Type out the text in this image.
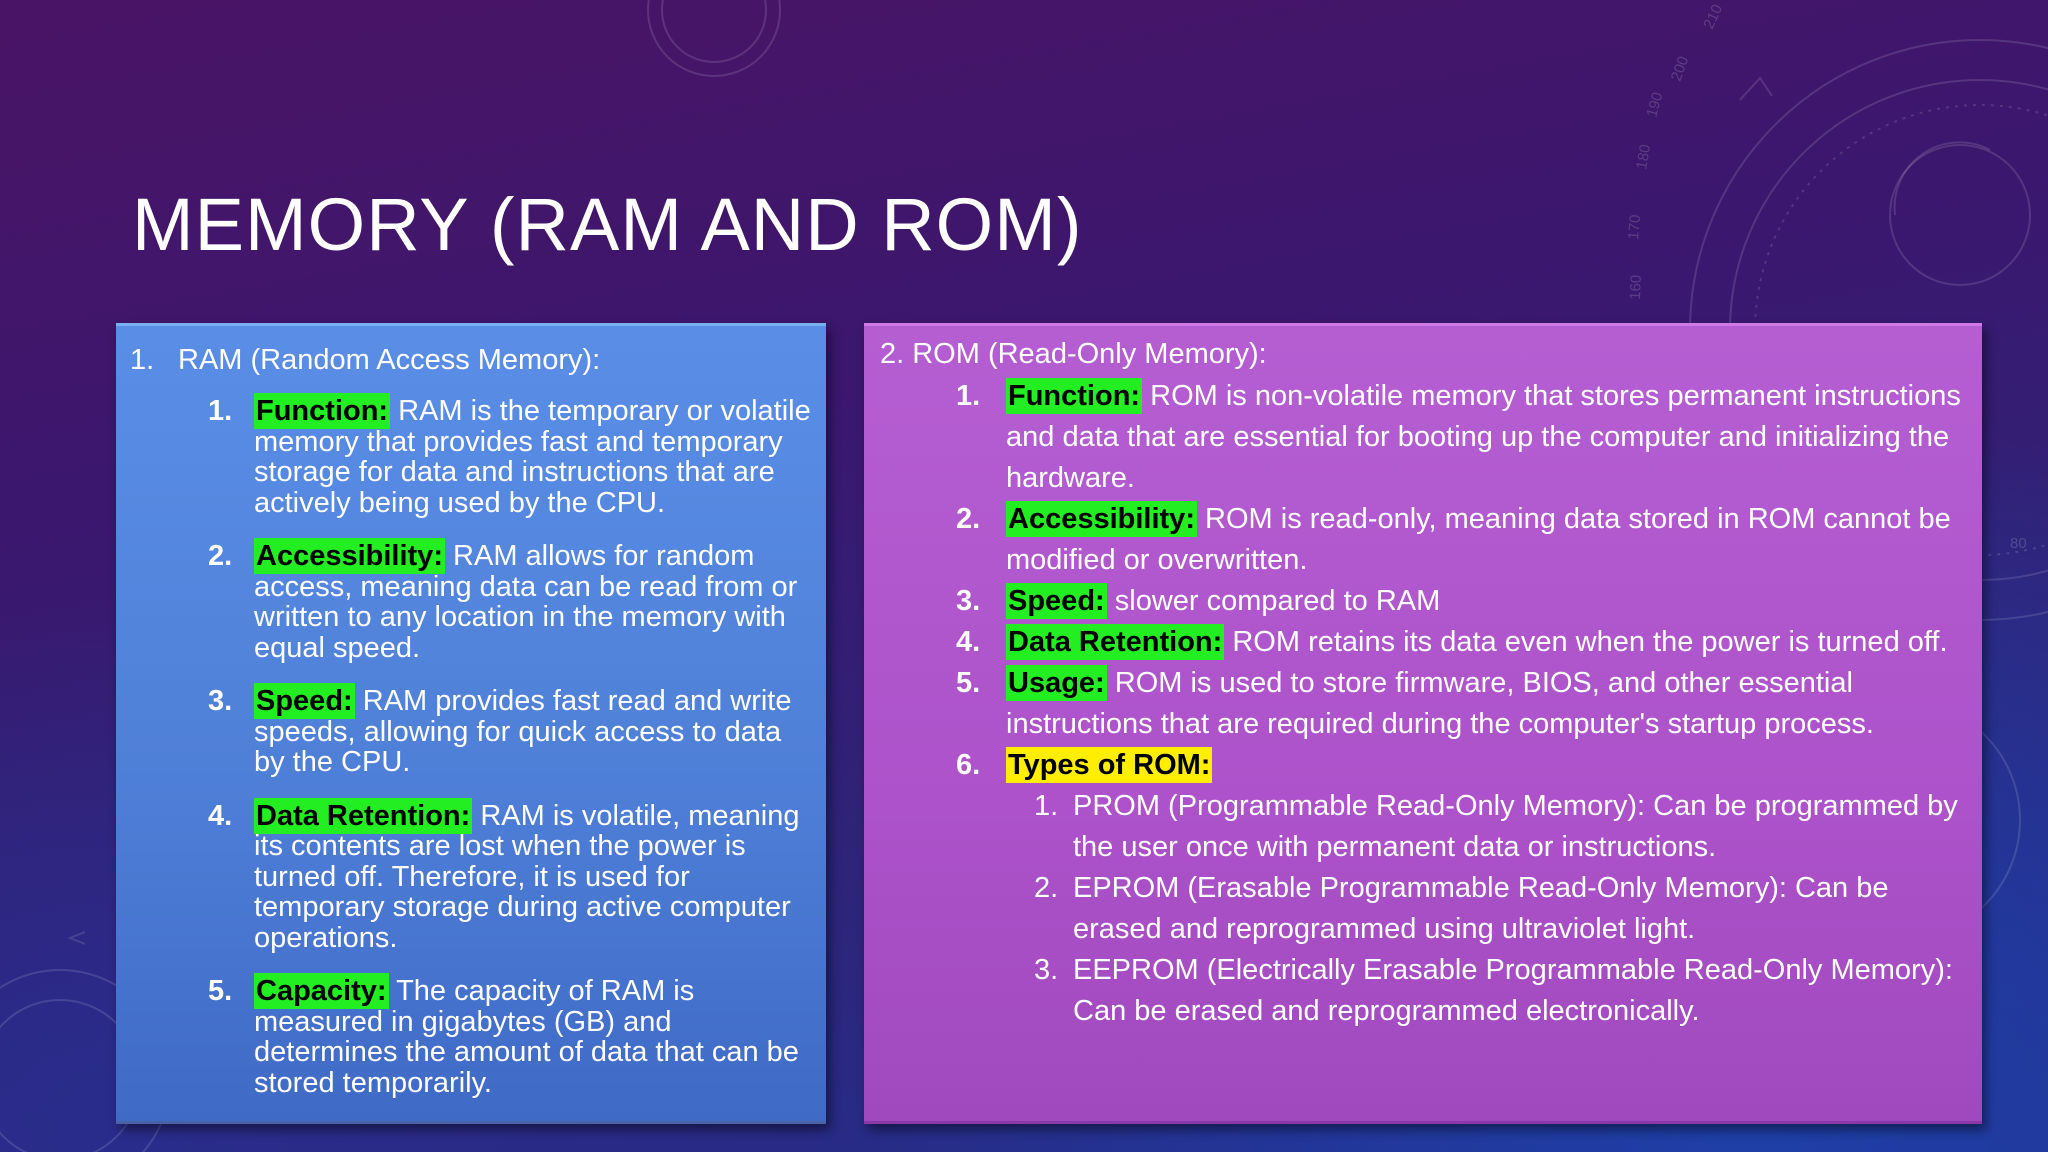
210
200
190
180
170
160
80
MEMORY (RAM AND ROM)
1. RAM (Random Access Memory):
1. Function: RAM is the temporary or volatile memory that provides fast and temporary storage for data and instructions that are actively being used by the CPU.
2. Accessibility: RAM allows for random access, meaning data can be read from or written to any location in the memory with equal speed.
3. Speed: RAM provides fast read and write speeds, allowing for quick access to data by the CPU.
4. Data Retention: RAM is volatile, meaning its contents are lost when the power is turned off. Therefore, it is used for temporary storage during active computer operations.
5. Capacity: The capacity of RAM is measured in gigabytes (GB) and determines the amount of data that can be stored temporarily.
2. ROM (Read-Only Memory):
1. Function: ROM is non-volatile memory that stores permanent instructions and data that are essential for booting up the computer and initializing the hardware.
2. Accessibility: ROM is read-only, meaning data stored in ROM cannot be modified or overwritten.
3. Speed: slower compared to RAM
4. Data Retention: ROM retains its data even when the power is turned off.
5. Usage: ROM is used to store firmware, BIOS, and other essential instructions that are required during the computer's startup process.
6. Types of ROM:
1. PROM (Programmable Read-Only Memory): Can be programmed by the user once with permanent data or instructions.
2. EPROM (Erasable Programmable Read-Only Memory): Can be erased and reprogrammed using ultraviolet light.
3. EEPROM (Electrically Erasable Programmable Read-Only Memory): Can be erased and reprogrammed electronically.
